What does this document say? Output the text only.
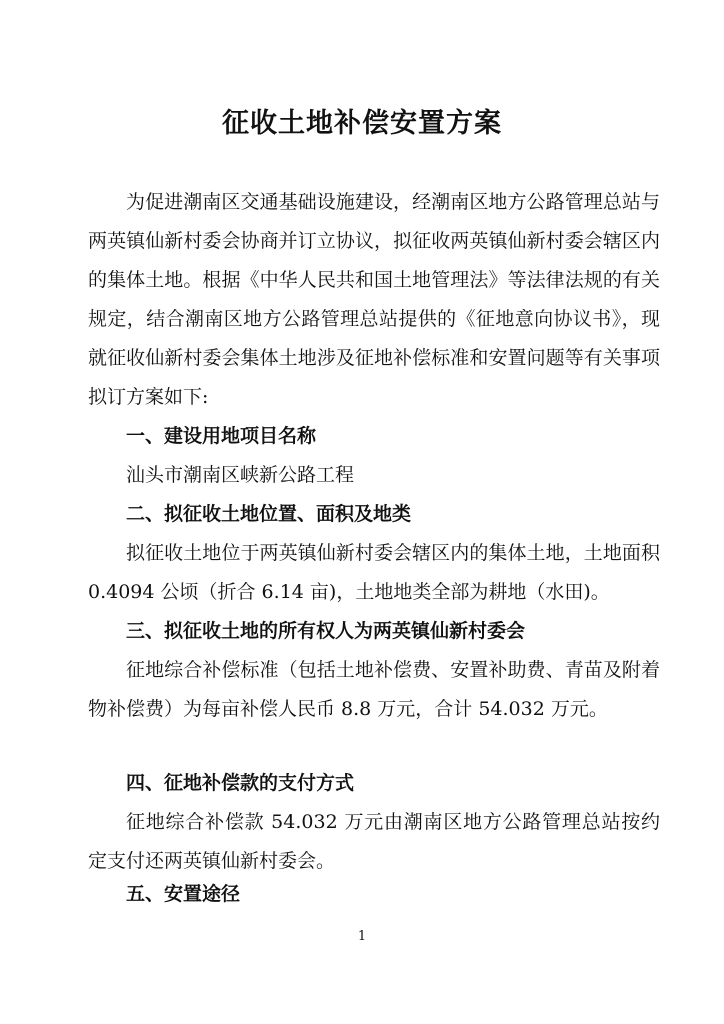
征收土地补偿安置方案

为促进潮南区交通基础设施建设，经潮南区地方公路管理总站与两英镇仙新村委会协商并订立协议，拟征收两英镇仙新村委会辖区内的集体土地。根据《中华人民共和国土地管理法》等法律法规的有关规定，结合潮南区地方公路管理总站提供的《征地意向协议书》，现就征收仙新村委会集体土地涉及征地补偿标准和安置问题等有关事项拟订方案如下:

一、建设用地项目名称

汕头市潮南区峡新公路工程

二、拟征收土地位置、面积及地类

拟征收土地位于两英镇仙新村委会辖区内的集体土地，土地面积 0.4094 公顷（折合 6.14 亩)，土地地类全部为耕地（水田)。

三、拟征收土地的所有权人为两英镇仙新村委会

征地综合补偿标准（包括土地补偿费、安置补助费、青苗及附着物补偿费）为每亩补偿人民币 8.8 万元，合计 54.032 万元。

四、征地补偿款的支付方式

征地综合补偿款 54.032 万元由潮南区地方公路管理总站按约定支付还两英镇仙新村委会。

五、安置途径

1
